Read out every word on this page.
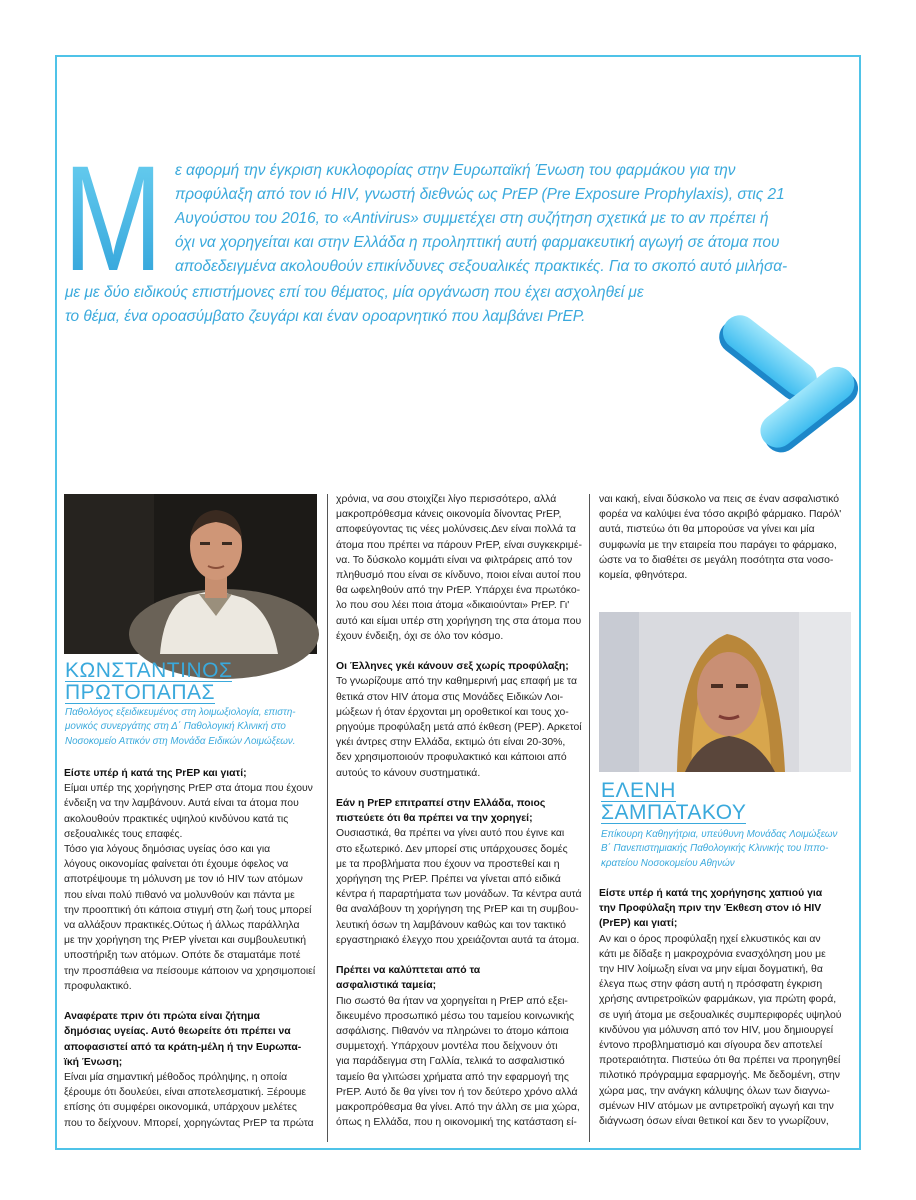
Μ ε αφορμή την έγκριση κυκλοφορίας στην Ευρωπαϊκή Ένωση του φαρμάκου για την
προφύλαξη από τον ιό HIV, γνωστή διεθνώς ως PrEP (Pre Exposure Prophylaxis), στις 21
Αυγούστου του 2016, το «Antivirus» συμμετέχει στη συζήτηση σχετικά με το αν πρέπει ή
όχι να χορηγείται και στην Ελλάδα η προληπτική αυτή φαρμακευτική αγωγή σε άτομα που
αποδεδειγμένα ακολουθούν επικίνδυνες σεξουαλικές πρακτικές. Για το σκοπό αυτό μιλήσα-
με με δύο ειδικούς επιστήμονες επί του θέματος, μία οργάνωση που έχει ασχοληθεί με
το θέμα, ένα οροασύμβατο ζευγάρι και έναν οροαρνητικό που λαμβάνει PrEP.
ΚΩΝΣΤΑΝΤΙΝΟΣ
ΠΡΩΤΟΠΑΠΑΣ
Παθολόγος εξειδικευμένος στη λοιμωξιολογία, επιστη-
μονικός συνεργάτης στη Δ΄ Παθολογική Κλινική στο
Νοσοκομείο Αττικόν στη Μονάδα Ειδικών Λοιμώξεων.
ΕΛΕΝΗ
ΣΑΜΠΑΤΑΚΟΥ
Επίκουρη Καθηγήτρια, υπεύθυνη Μονάδας Λοιμώξεων
Β΄ Πανεπιστημιακής Παθολογικής Κλινικής του Ιππο-
κρατείου Νοσοκομείου Αθηνών
Είστε υπέρ ή κατά της PrEP και γιατί;
Είμαι υπέρ της χορήγησης PrEP στα άτομα που έχουν
ένδειξη να την λαμβάνουν. Αυτά είναι τα άτομα που
ακολουθούν πρακτικές υψηλού κινδύνου κατά τις
σεξουαλικές τους επαφές.
Τόσο για λόγους δημόσιας υγείας όσο και για
λόγους οικονομίας φαίνεται ότι έχουμε όφελος να
αποτρέψουμε τη μόλυνση με τον ιό HIV των ατόμων
που είναι πολύ πιθανό να μολυνθούν και πάντα με
την προοπτική ότι κάποια στιγμή στη ζωή τους μπορεί
να αλλάξουν πρακτικές.Ούτως ή άλλως παράλληλα
με την χορήγηση της PrEP γίνεται και συμβουλευτική
υποστήριξη των ατόμων. Οπότε δε σταματάμε ποτέ
την προσπάθεια να πείσουμε κάποιον να χρησιμοποιεί
προφυλακτικό.
Αναφέρατε πριν ότι πρώτα είναι ζήτημα
δημόσιας υγείας. Αυτό θεωρείτε ότι πρέπει να
αποφασιστεί από τα κράτη-μέλη ή την Ευρωπα-
ϊκή Ένωση;
Είναι μία σημαντική μέθοδος πρόληψης, η οποία
ξέρουμε ότι δουλεύει, είναι αποτελεσματική. Ξέρουμε
επίσης ότι συμφέρει οικονομικά, υπάρχουν μελέτες
που το δείχνουν. Μπορεί, χορηγώντας PrEP τα πρώτα
χρόνια, να σου στοιχίζει λίγο περισσότερο, αλλά
μακροπρόθεσμα κάνεις οικονομία δίνοντας PrEP,
αποφεύγοντας τις νέες μολύνσεις.Δεν είναι πολλά τα
άτομα που πρέπει να πάρουν PrEP, είναι συγκεκριμέ-
να. Το δύσκολο κομμάτι είναι να φιλτράρεις από τον
πληθυσμό που είναι σε κίνδυνο, ποιοι είναι αυτοί που
θα ωφεληθούν από την PrEP. Υπάρχει ένα πρωτόκο-
λο που σου λέει ποια άτομα «δικαιούνται» PrEP. Γι'
αυτό και είμαι υπέρ στη χορήγηση της στα άτομα που
έχουν ένδειξη, όχι σε όλο τον κόσμο.
Οι Έλληνες γκέι κάνουν σεξ χωρίς προφύλαξη;
Το γνωρίζουμε από την καθημερινή μας επαφή με τα
θετικά στον HIV άτομα στις Μονάδες Ειδικών Λοι-
μώξεων ή όταν έρχονται μη οροθετικοί και τους χο-
ρηγούμε προφύλαξη μετά από έκθεση (PEP). Αρκετοί
γκέι άντρες στην Ελλάδα, εκτιμώ ότι είναι 20-30%,
δεν χρησιμοποιούν προφυλακτικό και κάποιοι από
αυτούς το κάνουν συστηματικά.
Εάν η PrEP επιτραπεί στην Ελλάδα, ποιος
πιστεύετε ότι θα πρέπει να την χορηγεί;
Ουσιαστικά, θα πρέπει να γίνει αυτό που έγινε και
στο εξωτερικό. Δεν μπορεί στις υπάρχουσες δομές
με τα προβλήματα που έχουν να προστεθεί και η
χορήγηση της PrEP. Πρέπει να γίνεται από ειδικά
κέντρα ή παραρτήματα των μονάδων. Τα κέντρα αυτά
θα αναλάβουν τη χορήγηση της PrEP και τη συμβου-
λευτική όσων τη λαμβάνουν καθώς και τον τακτικό
εργαστηριακό έλεγχο που χρειάζονται αυτά τα άτομα.
Πρέπει να καλύπτεται από τα
ασφαλιστικά ταμεία;
Πιο σωστό θα ήταν να χορηγείται η PrEP από εξει-
δικευμένο προσωπικό μέσω του ταμείου κοινωνικής
ασφάλισης. Πιθανόν να πληρώνει το άτομο κάποια
συμμετοχή. Υπάρχουν μοντέλα που δείχνουν ότι
για παράδειγμα στη Γαλλία, τελικά το ασφαλιστικό
ταμείο θα γλιτώσει χρήματα από την εφαρμογή της
PrEP. Αυτό δε θα γίνει τον ή τον δεύτερο χρόνο αλλά
μακροπρόθεσμα θα γίνει. Από την άλλη σε μια χώρα,
όπως η Ελλάδα, που η οικονομική της κατάσταση εί-
ναι κακή, είναι δύσκολο να πεις σε έναν ασφαλιστικό
φορέα να καλύψει ένα τόσο ακριβό φάρμακο. Παρόλ'
αυτά, πιστεύω ότι θα μπορούσε να γίνει και μία
συμφωνία με την εταιρεία που παράγει το φάρμακο,
ώστε να το διαθέτει σε μεγάλη ποσότητα στα νοσο-
κομεία, φθηνότερα.
Είστε υπέρ ή κατά της χορήγησης χαπιού για
την Προφύλαξη πριν την Έκθεση στον ιό HIV
(PrEP) και γιατί;
Αν και ο όρος προφύλαξη ηχεί ελκυστικός και αν
κάτι με δίδαξε η μακροχρόνια ενασχόληση μου με
την HIV λοίμωξη είναι να μην είμαι δογματική, θα
έλεγα πως στην φάση αυτή η πρόσφατη έγκριση
χρήσης αντιρετροϊκών φαρμάκων, για πρώτη φορά,
σε υγιή άτομα με σεξουαλικές συμπεριφορές υψηλού
κινδύνου για μόλυνση από τον HIV, μου δημιουργεί
έντονο προβληματισμό και σίγουρα δεν αποτελεί
προτεραιότητα. Πιστεύω ότι θα πρέπει να προηγηθεί
πιλοτικό πρόγραμμα εφαρμογής. Με δεδομένη, στην
χώρα μας, την ανάγκη κάλυψης όλων των διαγνω-
σμένων HIV ατόμων με αντιρετροϊκή αγωγή και την
διάγνωση όσων είναι θετικοί και δεν το γνωρίζουν,
